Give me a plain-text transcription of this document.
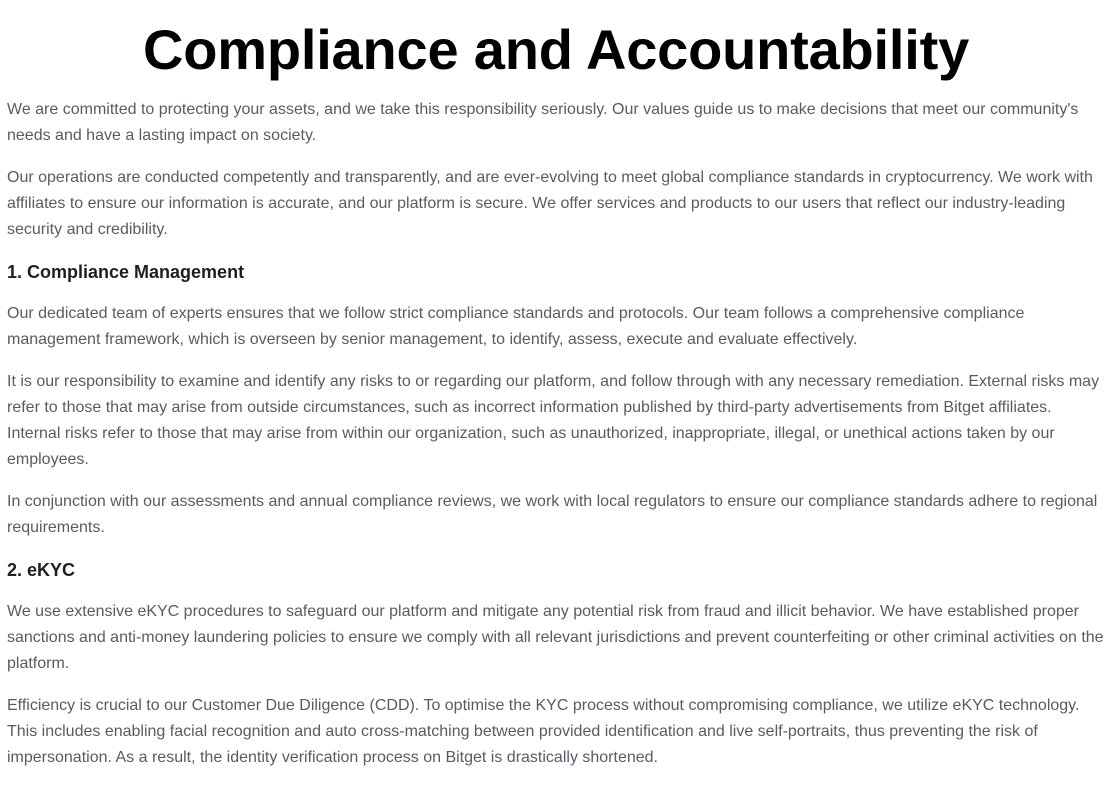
Compliance and Accountability

We are committed to protecting your assets, and we take this responsibility seriously. Our values guide us to make decisions that meet our community's needs and have a lasting impact on society.

Our operations are conducted competently and transparently, and are ever-evolving to meet global compliance standards in cryptocurrency. We work with affiliates to ensure our information is accurate, and our platform is secure. We offer services and products to our users that reflect our industry-leading security and credibility.

1. Compliance Management

Our dedicated team of experts ensures that we follow strict compliance standards and protocols. Our team follows a comprehensive compliance management framework, which is overseen by senior management, to identify, assess, execute and evaluate effectively.

It is our responsibility to examine and identify any risks to or regarding our platform, and follow through with any necessary remediation. External risks may refer to those that may arise from outside circumstances, such as incorrect information published by third-party advertisements from Bitget affiliates. Internal risks refer to those that may arise from within our organization, such as unauthorized, inappropriate, illegal, or unethical actions taken by our employees.

In conjunction with our assessments and annual compliance reviews, we work with local regulators to ensure our compliance standards adhere to regional requirements.

2. eKYC

We use extensive eKYC procedures to safeguard our platform and mitigate any potential risk from fraud and illicit behavior. We have established proper sanctions and anti-money laundering policies to ensure we comply with all relevant jurisdictions and prevent counterfeiting or other criminal activities on the platform.

Efficiency is crucial to our Customer Due Diligence (CDD). To optimise the KYC process without compromising compliance, we utilize eKYC technology. This includes enabling facial recognition and auto cross-matching between provided identification and live self-portraits, thus preventing the risk of impersonation. As a result, the identity verification process on Bitget is drastically shortened.
